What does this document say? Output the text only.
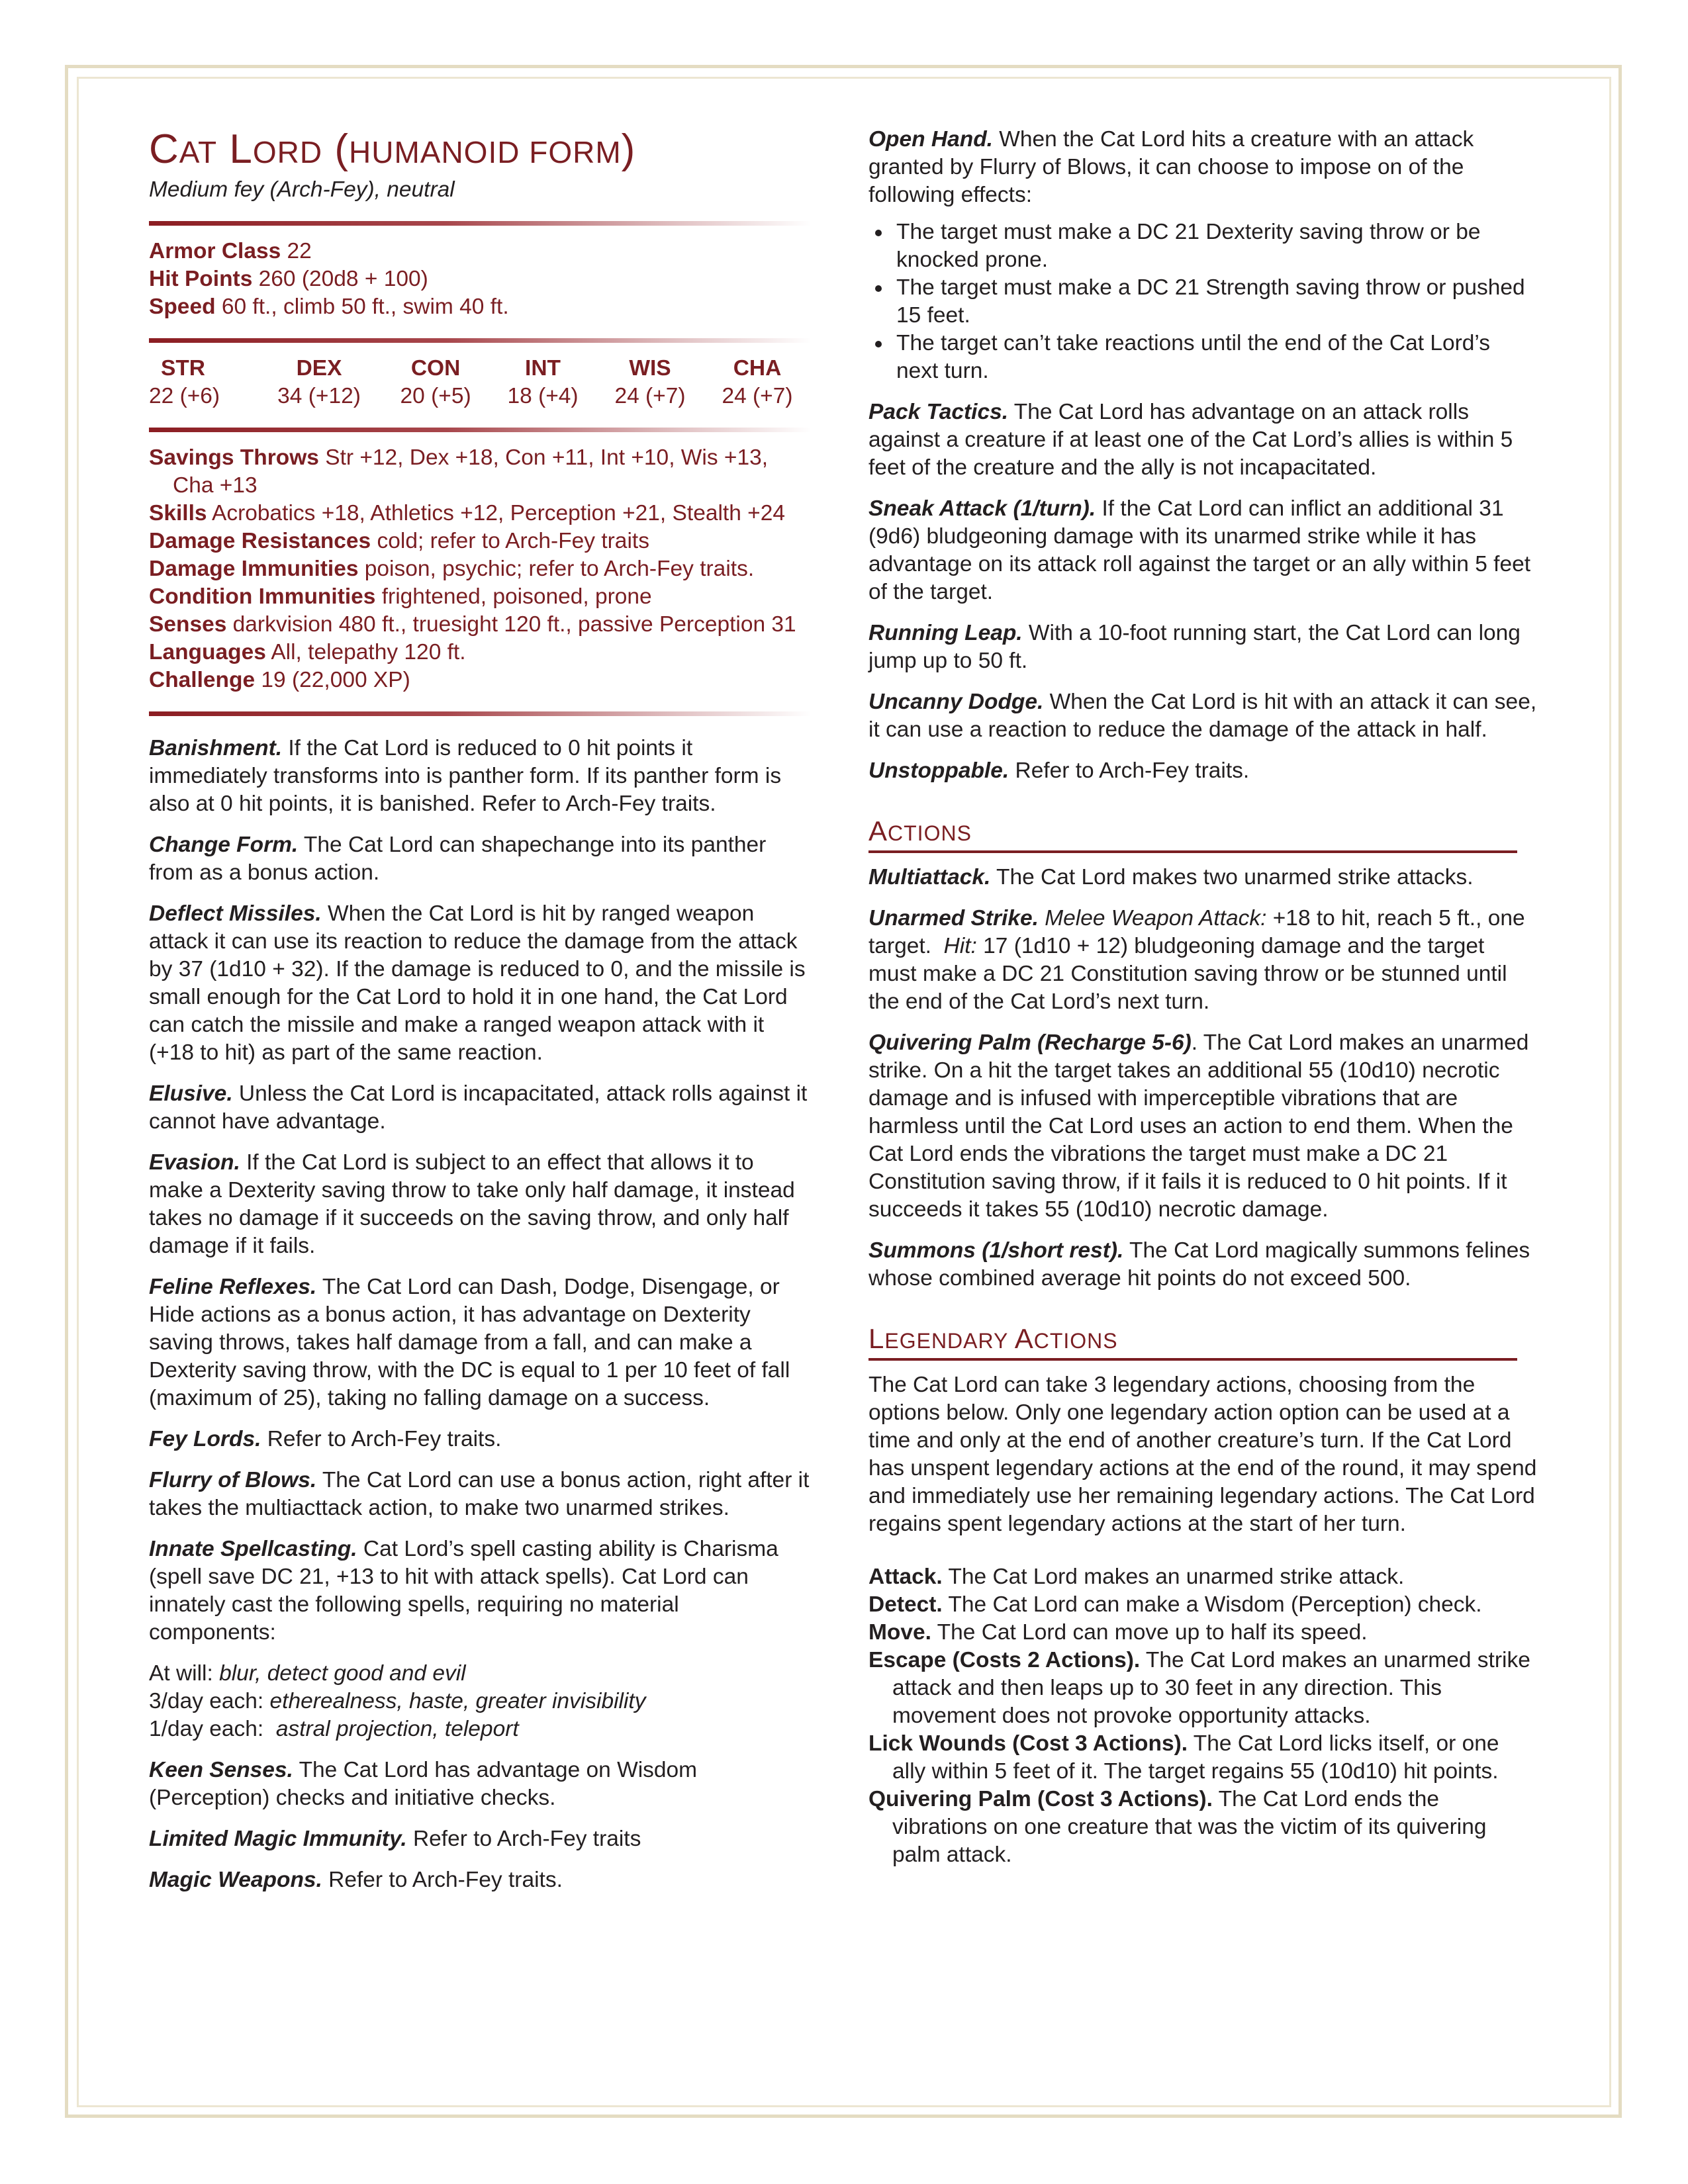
CAT LORD (HUMANOID FORM)
Medium fey (Arch-Fey), neutral
Armor Class 22
Hit Points 260 (20d8 + 100)
Speed 60 ft., climb 50 ft., swim 40 ft.
STR	DEX	CON	INT	WIS	CHA
22 (+6)	34 (+12)	20 (+5)	18 (+4)	24 (+7)	24 (+7)
Savings Throws Str +12, Dex +18, Con +11, Int +10, Wis +13, Cha +13
Skills Acrobatics +18, Athletics +12, Perception +21, Stealth +24
Damage Resistances cold; refer to Arch-Fey traits
Damage Immunities poison, psychic; refer to Arch-Fey traits.
Condition Immunities frightened, poisoned, prone
Senses darkvision 480 ft., truesight 120 ft., passive Perception 31
Languages All, telepathy 120 ft.
Challenge 19 (22,000 XP)
Banishment. If the Cat Lord is reduced to 0 hit points it immediately transforms into is panther form. If its panther form is also at 0 hit points, it is banished. Refer to Arch-Fey traits.
Change Form. The Cat Lord can shapechange into its panther from as a bonus action.
Deflect Missiles. When the Cat Lord is hit by ranged weapon attack it can use its reaction to reduce the damage from the attack by 37 (1d10 + 32). If the damage is reduced to 0, and the missile is small enough for the Cat Lord to hold it in one hand, the Cat Lord can catch the missile and make a ranged weapon attack with it (+18 to hit) as part of the same reaction.
Elusive. Unless the Cat Lord is incapacitated, attack rolls against it cannot have advantage.
Evasion. If the Cat Lord is subject to an effect that allows it to make a Dexterity saving throw to take only half damage, it instead takes no damage if it succeeds on the saving throw, and only half damage if it fails.
Feline Reflexes. The Cat Lord can Dash, Dodge, Disengage, or Hide actions as a bonus action, it has advantage on Dexterity saving throws, takes half damage from a fall, and can make a Dexterity saving throw, with the DC is equal to 1 per 10 feet of fall (maximum of 25), taking no falling damage on a success.
Fey Lords. Refer to Arch-Fey traits.
Flurry of Blows. The Cat Lord can use a bonus action, right after it takes the multiacttack action, to make two unarmed strikes.
Innate Spellcasting. Cat Lord’s spell casting ability is Charisma (spell save DC 21, +13 to hit with attack spells). Cat Lord can innately cast the following spells, requiring no material components:
At will: blur, detect good and evil
3/day each: etherealness, haste, greater invisibility
1/day each:  astral projection, teleport
Keen Senses. The Cat Lord has advantage on Wisdom (Perception) checks and initiative checks.
Limited Magic Immunity. Refer to Arch-Fey traits
Magic Weapons. Refer to Arch-Fey traits.
Open Hand. When the Cat Lord hits a creature with an attack granted by Flurry of Blows, it can choose to impose on of the following effects:
• The target must make a DC 21 Dexterity saving throw or be knocked prone.
• The target must make a DC 21 Strength saving throw or pushed 15 feet.
• The target can’t take reactions until the end of the Cat Lord’s next turn.
Pack Tactics. The Cat Lord has advantage on an attack rolls against a creature if at least one of the Cat Lord’s allies is within 5 feet of the creature and the ally is not incapacitated.
Sneak Attack (1/turn). If the Cat Lord can inflict an additional 31 (9d6) bludgeoning damage with its unarmed strike while it has advantage on its attack roll against the target or an ally within 5 feet of the target.
Running Leap. With a 10-foot running start, the Cat Lord can long jump up to 50 ft.
Uncanny Dodge. When the Cat Lord is hit with an attack it can see, it can use a reaction to reduce the damage of the attack in half.
Unstoppable. Refer to Arch-Fey traits.
ACTIONS
Multiattack. The Cat Lord makes two unarmed strike attacks.
Unarmed Strike. Melee Weapon Attack: +18 to hit, reach 5 ft., one target.  Hit: 17 (1d10 + 12) bludgeoning damage and the target must make a DC 21 Constitution saving throw or be stunned until the end of the Cat Lord’s next turn.
Quivering Palm (Recharge 5-6). The Cat Lord makes an unarmed strike. On a hit the target takes an additional 55 (10d10) necrotic damage and is infused with imperceptible vibrations that are harmless until the Cat Lord uses an action to end them. When the Cat Lord ends the vibrations the target must make a DC 21 Constitution saving throw, if it fails it is reduced to 0 hit points. If it succeeds it takes 55 (10d10) necrotic damage.
Summons (1/short rest). The Cat Lord magically summons felines whose combined average hit points do not exceed 500.
LEGENDARY ACTIONS
The Cat Lord can take 3 legendary actions, choosing from the options below. Only one legendary action option can be used at a time and only at the end of another creature’s turn. If the Cat Lord has unspent legendary actions at the end of the round, it may spend and immediately use her remaining legendary actions. The Cat Lord regains spent legendary actions at the start of her turn.
Attack. The Cat Lord makes an unarmed strike attack.
Detect. The Cat Lord can make a Wisdom (Perception) check.
Move. The Cat Lord can move up to half its speed.
Escape (Costs 2 Actions). The Cat Lord makes an unarmed strike attack and then leaps up to 30 feet in any direction. This movement does not provoke opportunity attacks.
Lick Wounds (Cost 3 Actions). The Cat Lord licks itself, or one ally within 5 feet of it. The target regains 55 (10d10) hit points.
Quivering Palm (Cost 3 Actions). The Cat Lord ends the vibrations on one creature that was the victim of its quivering palm attack.
